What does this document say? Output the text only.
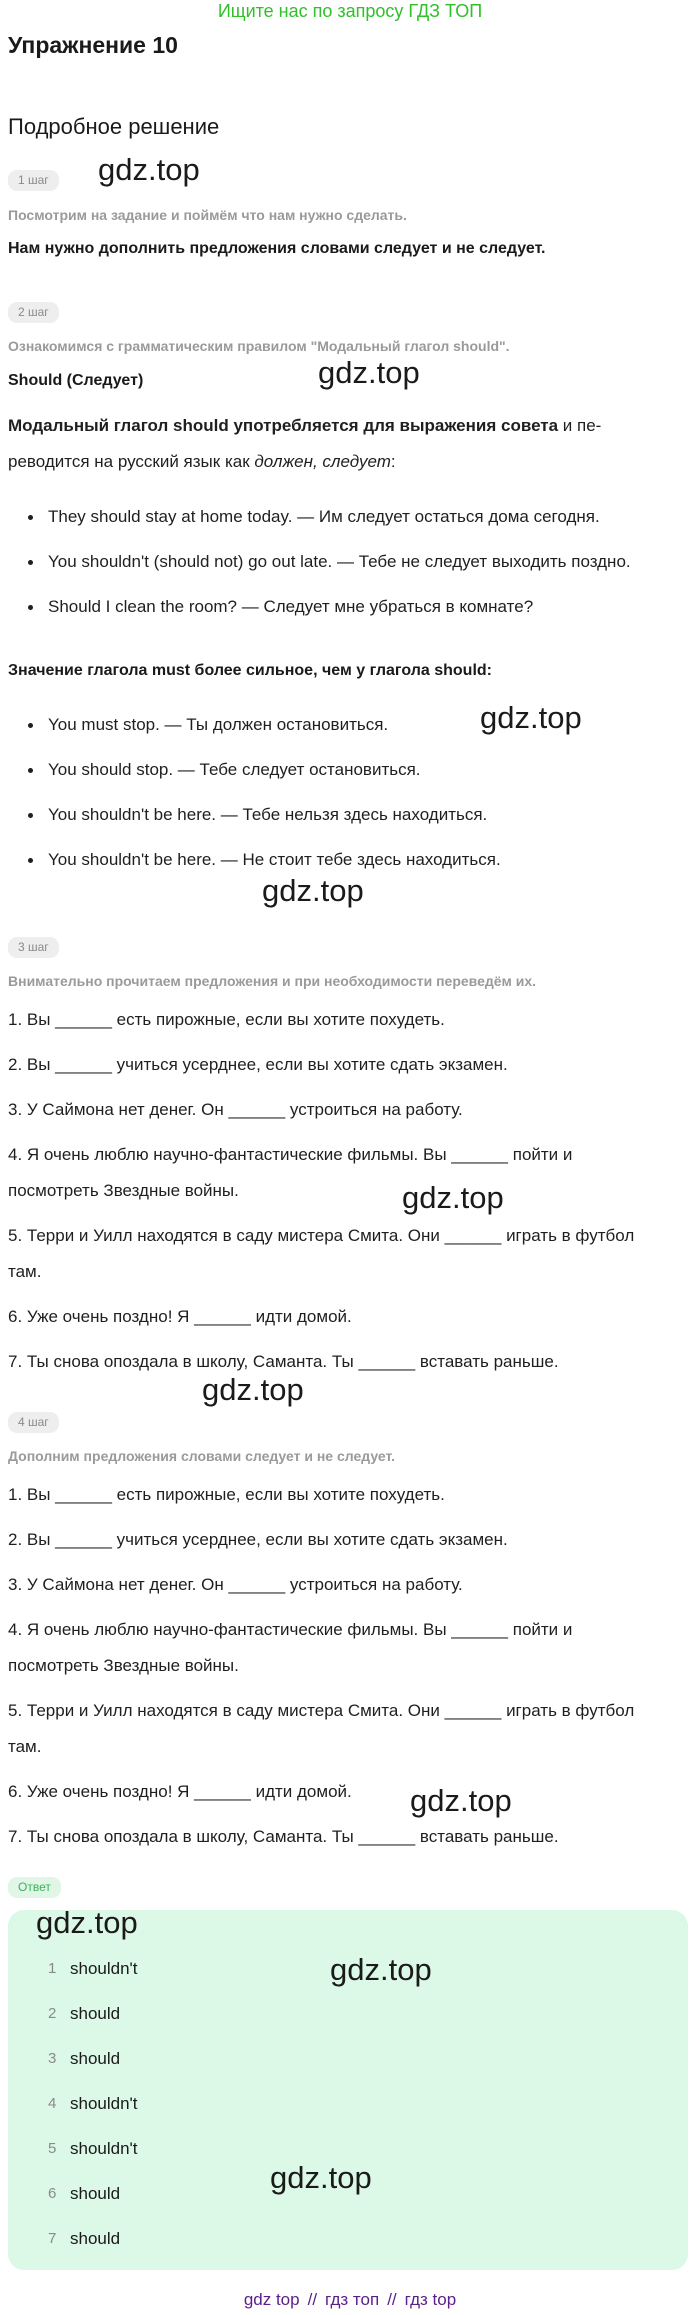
Ищите нас по запросу ГДЗ ТОП
Упражнение 10
Подробное решение
1 шаг	gdz.top
Посмотрим на задание и поймём что нам нужно сделать.
Нам нужно дополнить предложения словами следует и не следует.
2 шаг
Ознакомимся с грамматическим правилом "Модальный глагол should".
Should (Следует)	gdz.top
Модальный глагол should употребляется для выражения совета и пе-
реводится на русский язык как должен, следует:
They should stay at home today. — Им следует остаться дома сегодня.
You shouldn't (should not) go out late. — Тебе не следует выходить поздно.
Should I clean the room? — Следует мне убраться в комнате?
Значение глагола must более сильное, чем у глагола should:
You must stop. — Ты должен остановиться.
You should stop. — Тебе следует остановиться.
You shouldn't be here. — Тебе нельзя здесь находиться.
You shouldn't be here. — Не стоит тебе здесь находиться.
gdz.top
gdz.top
3 шаг
Внимательно прочитаем предложения и при необходимости переведём их.
1. Вы ______ есть пирожные, если вы хотите похудеть.
2. Вы ______ учиться усерднее, если вы хотите сдать экзамен.
3. У Саймона нет денег. Он ______ устроиться на работу.
4. Я очень люблю научно-фантастические фильмы. Вы ______ пойти и
посмотреть Звездные войны.
5. Терри и Уилл находятся в саду мистера Смита. Они ______ играть в футбол
там.
6. Уже очень поздно! Я ______ идти домой.
7. Ты снова опоздала в школу, Саманта. Ты ______ вставать раньше.
gdz.top
gdz.top
4 шаг
Дополним предложения словами следует и не следует.
1. Вы ______ есть пирожные, если вы хотите похудеть.
2. Вы ______ учиться усерднее, если вы хотите сдать экзамен.
3. У Саймона нет денег. Он ______ устроиться на работу.
4. Я очень люблю научно-фантастические фильмы. Вы ______ пойти и
посмотреть Звездные войны.
5. Терри и Уилл находятся в саду мистера Смита. Они ______ играть в футбол
там.
6. Уже очень поздно! Я ______ идти домой.
7. Ты снова опоздала в школу, Саманта. Ты ______ вставать раньше.
gdz.top
Ответ
1 shouldn't
2 should
3 should
4 shouldn't
5 shouldn't
6 should
7 should
gdz.top
gdz.top
gdz.top
gdz top // гдз топ // гдз top
